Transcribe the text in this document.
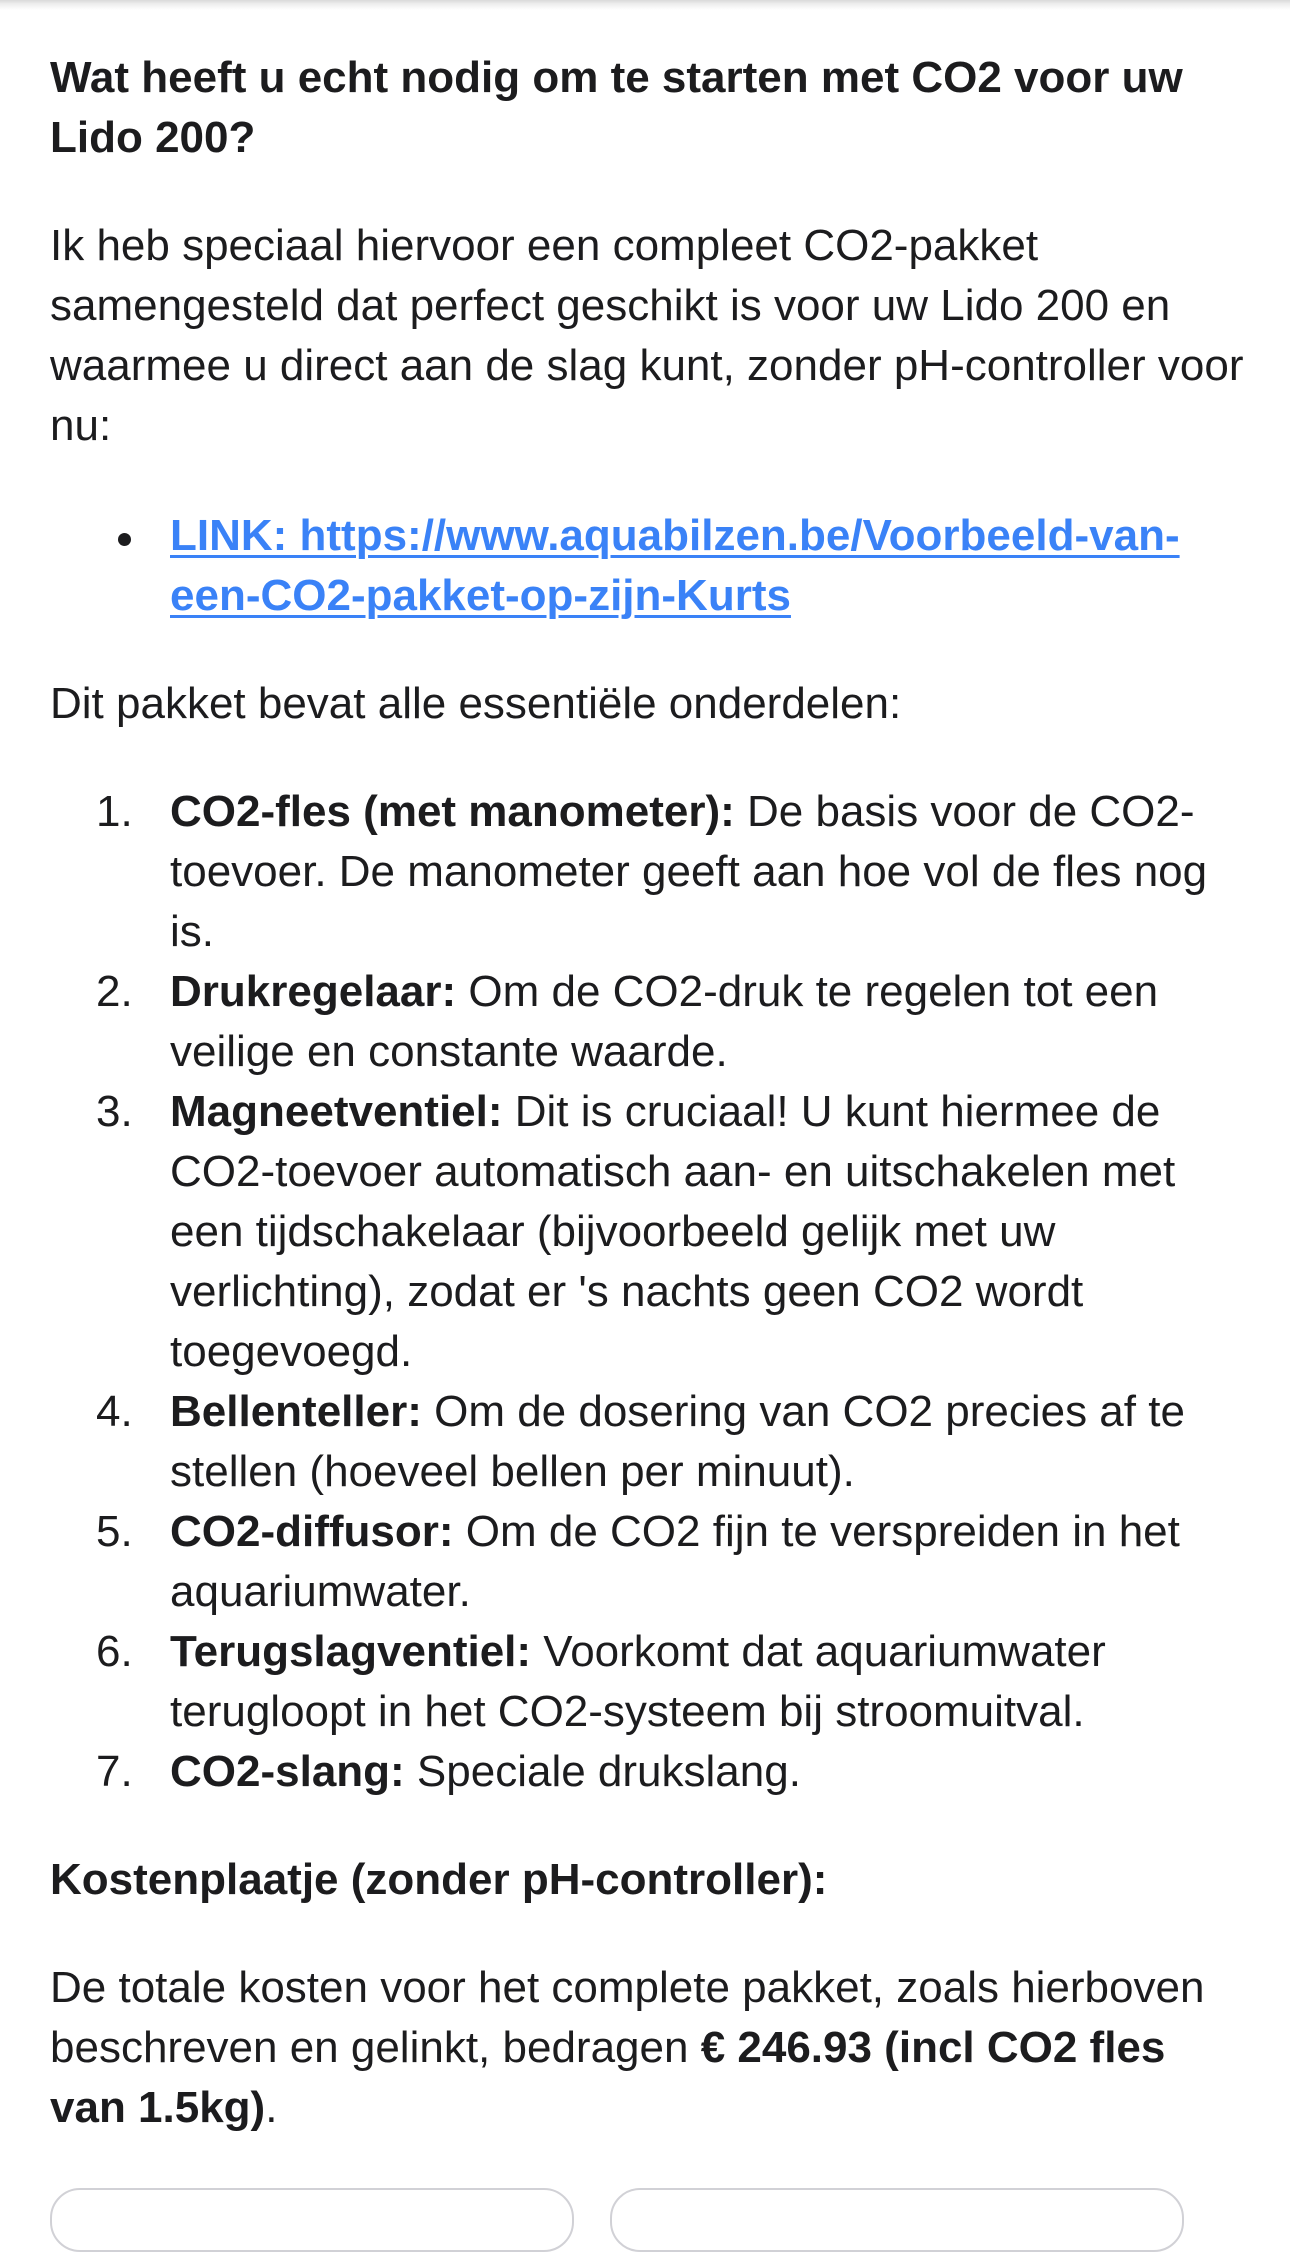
Wat heeft u echt nodig om te starten met CO2 voor uw Lido 200?

Ik heb speciaal hiervoor een compleet CO2-pakket samengesteld dat perfect geschikt is voor uw Lido 200 en waarmee u direct aan de slag kunt, zonder pH-controller voor nu:

LINK: https://www.aquabilzen.be/Voorbeeld-van-een-CO2-pakket-op-zijn-Kurts

Dit pakket bevat alle essentiële onderdelen:

1. CO2-fles (met manometer): De basis voor de CO2-toevoer. De manometer geeft aan hoe vol de fles nog is.
2. Drukregelaar: Om de CO2-druk te regelen tot een veilige en constante waarde.
3. Magneetventiel: Dit is cruciaal! U kunt hiermee de CO2-toevoer automatisch aan- en uitschakelen met een tijdschakelaar (bijvoorbeeld gelijk met uw verlichting), zodat er 's nachts geen CO2 wordt toegevoegd.
4. Bellenteller: Om de dosering van CO2 precies af te stellen (hoeveel bellen per minuut).
5. CO2-diffusor: Om de CO2 fijn te verspreiden in het aquariumwater.
6. Terugslagventiel: Voorkomt dat aquariumwater terugloopt in het CO2-systeem bij stroomuitval.
7. CO2-slang: Speciale drukslang.
Kostenplaatje (zonder pH-controller):

De totale kosten voor het complete pakket, zoals hierboven beschreven en gelinkt, bedragen € 246.93 (incl CO2 fles van 1.5kg).
